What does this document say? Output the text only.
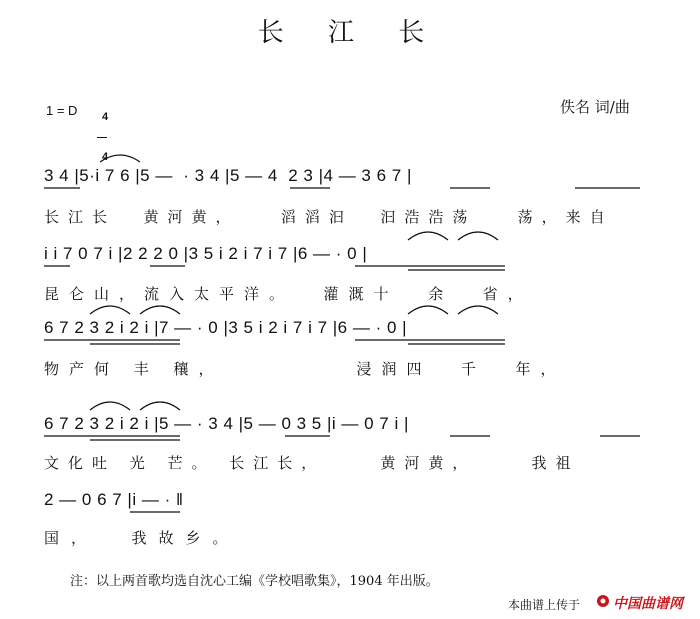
长 江 长
1 = D	4

4

佚名 词/曲
3 4 |5·i 7 6 |5 —  · 3 4 |5 — 4  2 3 |4 — 3 6 7 |
长江长  黄河黄，   滔滔汩  汩浩浩荡   荡，来自
i i 7 0 7 i |2 2 2 0 |3 5 i 2 i 7 i 7 |6 — · 0 |
昆仑山，流入太平洋。  灌溉十  余  省，
6 7 2 3 2 i 2 i |7 — · 0 |3 5 i 2 i 7 i 7 |6 — · 0 |
物产何 丰 穰，         浸润四  千  年，
6 7 2 3 2 i 2 i |5 — · 3 4 |5 — 0 3 5 |i — 0 7 i |
文化吐 光 芒。 长江长，    黄河黄，    我祖
2 — 0 6 7 |i — · ‖
国，  我故乡。
注：以上两首歌均选自沈心工编《学校唱歌集》，1904 年出版。
本曲谱上传于 中国曲谱网
